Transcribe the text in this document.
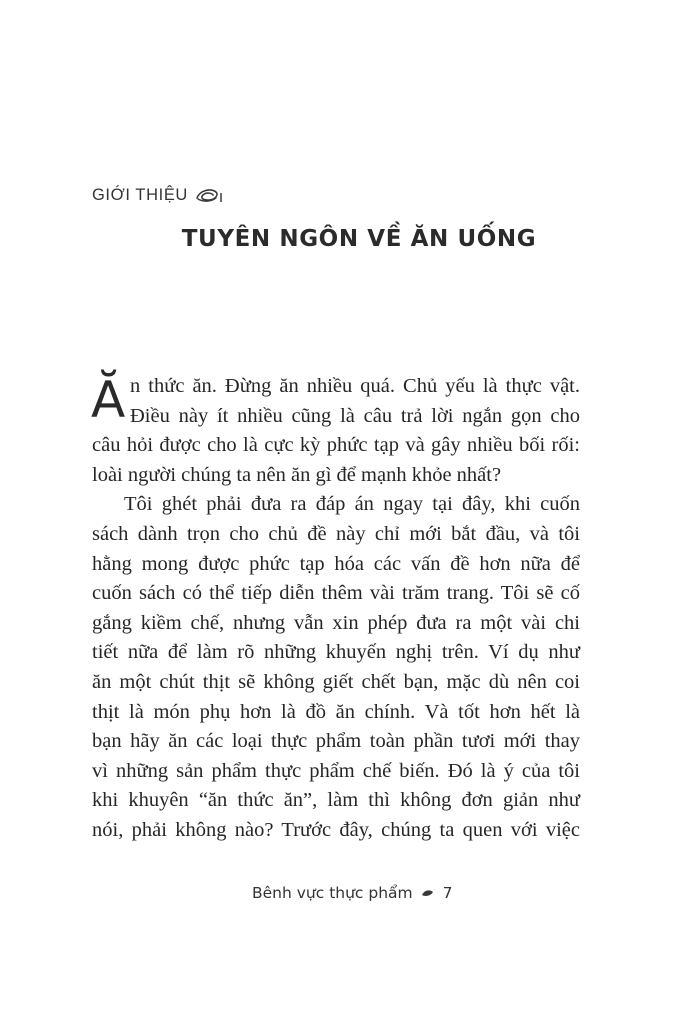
GIỚI THIỆU
TUYÊN NGÔN VỀ ĂN UỐNG
Ă n thức ăn. Đừng ăn nhiều quá. Chủ yếu là thực vật.
Điều này ít nhiều cũng là câu trả lời ngắn gọn cho
câu hỏi được cho là cực kỳ phức tạp và gây nhiều bối rối:
loài người chúng ta nên ăn gì để mạnh khỏe nhất?
Tôi ghét phải đưa ra đáp án ngay tại đây, khi cuốn
sách dành trọn cho chủ đề này chỉ mới bắt đầu, và tôi
hằng mong được phức tạp hóa các vấn đề hơn nữa để
cuốn sách có thể tiếp diễn thêm vài trăm trang. Tôi sẽ cố
gắng kiềm chế, nhưng vẫn xin phép đưa ra một vài chi
tiết nữa để làm rõ những khuyến nghị trên. Ví dụ như
ăn một chút thịt sẽ không giết chết bạn, mặc dù nên coi
thịt là món phụ hơn là đồ ăn chính. Và tốt hơn hết là
bạn hãy ăn các loại thực phẩm toàn phần tươi mới thay
vì những sản phẩm thực phẩm chế biến. Đó là ý của tôi
khi khuyên “ăn thức ăn”, làm thì không đơn giản như
nói, phải không nào? Trước đây, chúng ta quen với việc
Bênh vực thực phẩm 7
